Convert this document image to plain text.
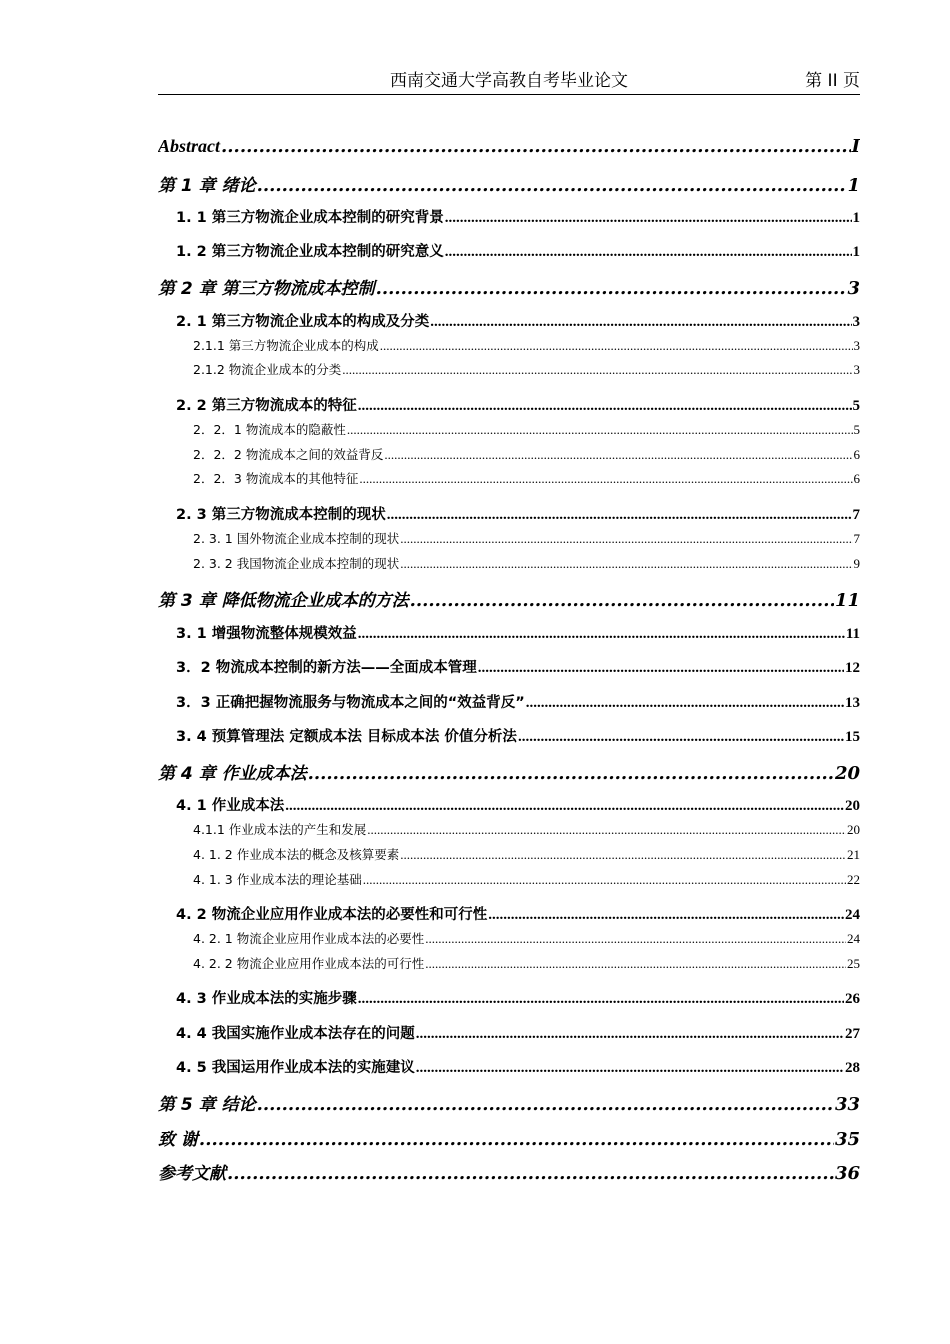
西南交通大学高教自考毕业论文	第 II 页
Abstract .....	I
第 1 章 绪论 .....	1
1. 1 第三方物流企业成本控制的研究背景 .....	1
1. 2 第三方物流企业成本控制的研究意义 .....	1
第 2 章 第三方物流成本控制 .....	3
2. 1 第三方物流企业成本的构成及分类 .....	3
2.1.1 第三方物流企业成本的构成 .....	3
2.1.2 物流企业成本的分类 .....	3
2. 2 第三方物流成本的特征 .....	5
2．2．1 物流成本的隐蔽性 .....	5
2．2．2 物流成本之间的效益背反 .....	6
2．2．3 物流成本的其他特征 .....	6
2. 3 第三方物流成本控制的现状 .....	7
2. 3. 1 国外物流企业成本控制的现状 .....	7
2. 3. 2 我国物流企业成本控制的现状 .....	9
第 3 章 降低物流企业成本的方法 .....	11
3. 1 增强物流整体规模效益 .....	11
3．2 物流成本控制的新方法——全面成本管理 .....	12
3．3 正确把握物流服务与物流成本之间的“效益背反” .....	13
3. 4 预算管理法 定额成本法 目标成本法 价值分析法 .....	15
第 4 章 作业成本法 .....	20
4. 1 作业成本法 .....	20
4.1.1 作业成本法的产生和发展 .....	20
4. 1. 2 作业成本法的概念及核算要素 .....	21
4. 1. 3 作业成本法的理论基础 .....	22
4. 2 物流企业应用作业成本法的必要性和可行性 .....	24
4. 2. 1 物流企业应用作业成本法的必要性 .....	24
4. 2. 2 物流企业应用作业成本法的可行性 .....	25
4. 3 作业成本法的实施步骤 .....	26
4. 4 我国实施作业成本法存在的问题 .....	27
4. 5 我国运用作业成本法的实施建议 .....	28
第 5 章 结论 .....	33
致 谢 .....	35
参考文献 .....	36
